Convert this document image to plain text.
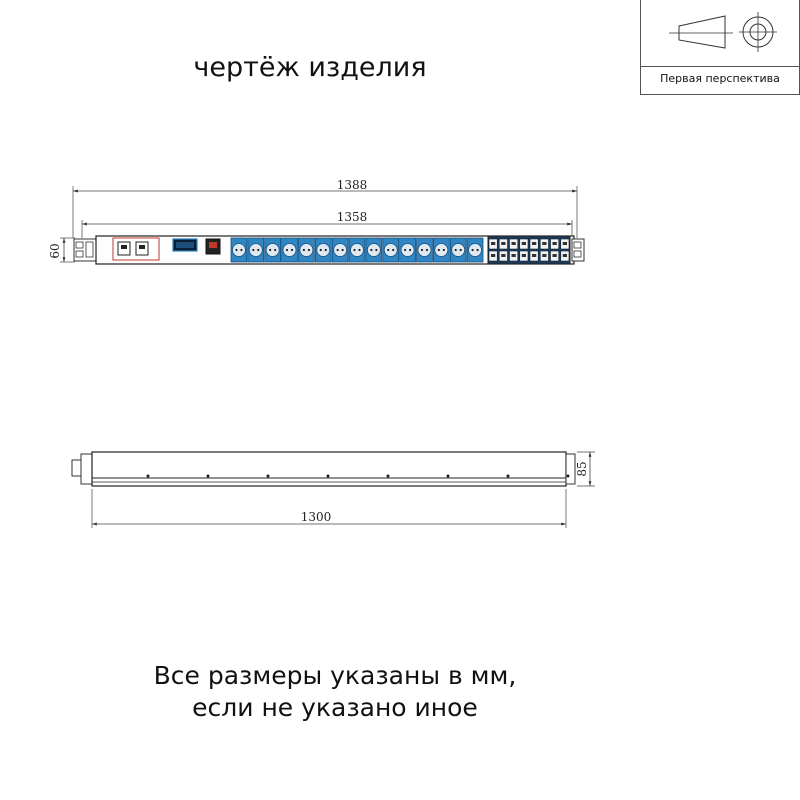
чертёж изделия	Первая перспектива
1388
1358
60
85
1300
Все размеры указаны в мм,
если не указано иное
